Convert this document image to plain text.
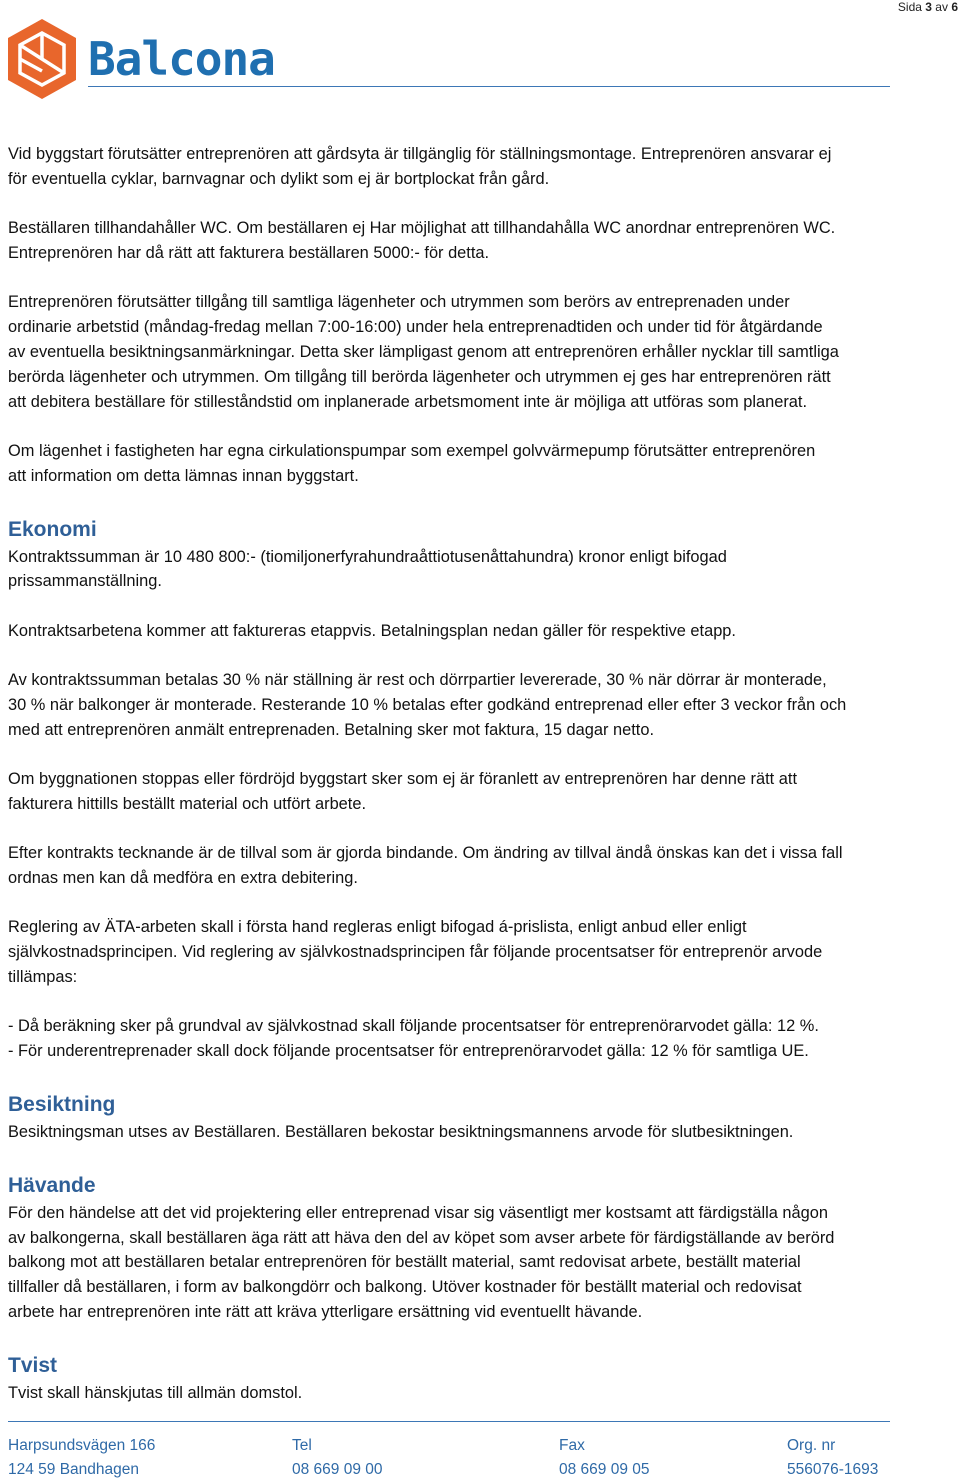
Sida 3 av 6
Balcona

Vid byggstart förutsätter entreprenören att gårdsyta är tillgänglig för ställningsmontage. Entreprenören ansvarar ej
för eventuella cyklar, barnvagnar och dylikt som ej är bortplockat från gård.

Beställaren tillhandahåller WC. Om beställaren ej Har möjlighat att tillhandahålla WC anordnar entreprenören WC.
Entreprenören har då rätt att fakturera beställaren 5000:- för detta.

Entreprenören förutsätter tillgång till samtliga lägenheter och utrymmen som berörs av entreprenaden under
ordinarie arbetstid (måndag-fredag mellan 7:00-16:00) under hela entreprenadtiden och under tid för åtgärdande
av eventuella besiktningsanmärkningar. Detta sker lämpligast genom att entreprenören erhåller nycklar till samtliga
berörda lägenheter och utrymmen. Om tillgång till berörda lägenheter och utrymmen ej ges har entreprenören rätt
att debitera beställare för stilleståndstid om inplanerade arbetsmoment inte är möjliga att utföras som planerat.

Om lägenhet i fastigheten har egna cirkulationspumpar som exempel golvvärmepump förutsätter entreprenören
att information om detta lämnas innan byggstart.

Ekonomi

Kontraktssumman är 10 480 800:- (tiomiljonerfyrahundraåttiotusenåttahundra) kronor enligt bifogad
prissammanställning.

Kontraktsarbetena kommer att faktureras etappvis. Betalningsplan nedan gäller för respektive etapp.

Av kontraktssumman betalas 30 % när ställning är rest och dörrpartier levererade, 30 % när dörrar är monterade,
30 % när balkonger är monterade. Resterande 10 % betalas efter godkänd entreprenad eller efter 3 veckor från och
med att entreprenören anmält entreprenaden. Betalning sker mot faktura, 15 dagar netto.

Om byggnationen stoppas eller fördröjd byggstart sker som ej är föranlett av entreprenören har denne rätt att
fakturera hittills beställt material och utfört arbete.

Efter kontrakts tecknande är de tillval som är gjorda bindande. Om ändring av tillval ändå önskas kan det i vissa fall
ordnas men kan då medföra en extra debitering.

Reglering av ÄTA-arbeten skall i första hand regleras enligt bifogad á-prislista, enligt anbud eller enligt
självkostnadsprincipen. Vid reglering av självkostnadsprincipen får följande procentsatser för entreprenör arvode
tillämpas:

- Då beräkning sker på grundval av självkostnad skall följande procentsatser för entreprenörarvodet gälla: 12 %.
- För underentreprenader skall dock följande procentsatser för entreprenörarvodet gälla: 12 % för samtliga UE.

Besiktning

Besiktningsman utses av Beställaren. Beställaren bekostar besiktningsmannens arvode för slutbesiktningen.

Hävande

För den händelse att det vid projektering eller entreprenad visar sig väsentligt mer kostsamt att färdigställa någon
av balkongerna, skall beställaren äga rätt att häva den del av köpet som avser arbete för färdigställande av berörd
balkong mot att beställaren betalar entreprenören för beställt material, samt redovisat arbete, beställt material
tillfaller då beställaren, i form av balkongdörr och balkong. Utöver kostnader för beställt material och redovisat
arbete har entreprenören inte rätt att kräva ytterligare ersättning vid eventuellt hävande.

Tvist

Tvist skall hänskjutas till allmän domstol.

Harpsundsvägen 166
124 59 Bandhagen
Tel
08 669 09 00
Fax
08 669 09 05
Org. nr
556076-1693
